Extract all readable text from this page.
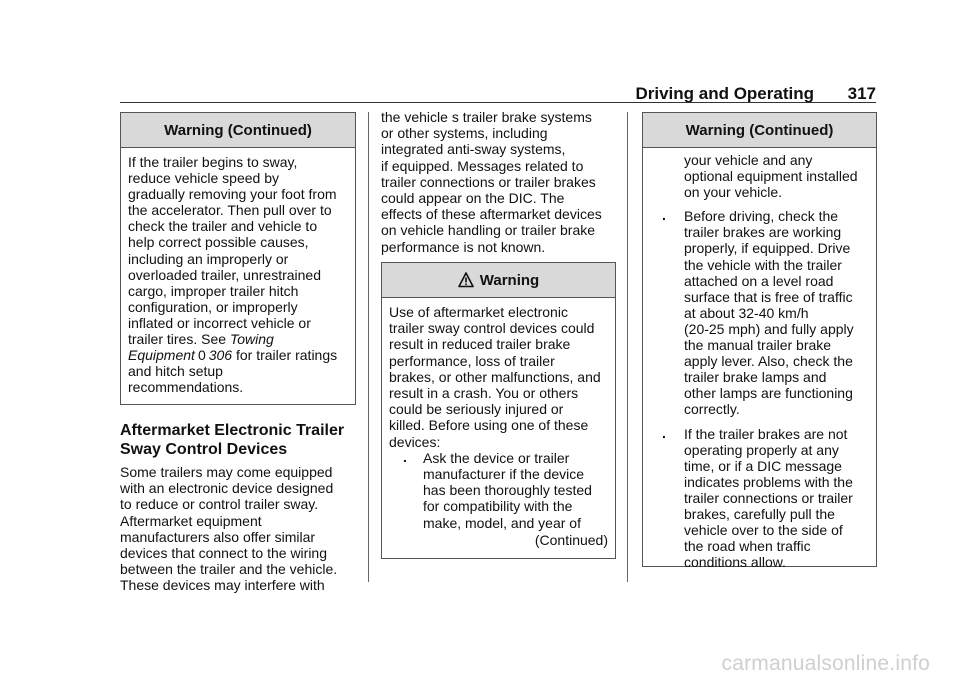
Driving and Operating	317
Warning (Continued)
If the trailer begins to sway,
reduce vehicle speed by
gradually removing your foot from
the accelerator. Then pull over to
check the trailer and vehicle to
help correct possible causes,
including an improperly or
overloaded trailer, unrestrained
cargo, improper trailer hitch
configuration, or improperly
inflated or incorrect vehicle or
trailer tires. See Towing
Equipment 0 306 for trailer ratings
and hitch setup
recommendations.
Aftermarket Electronic Trailer
Sway Control Devices
Some trailers may come equipped
with an electronic device designed
to reduce or control trailer sway.
Aftermarket equipment
manufacturers also offer similar
devices that connect to the wiring
between the trailer and the vehicle.
These devices may interfere with
the vehicle s trailer brake systems
or other systems, including
integrated anti-sway systems,
if equipped. Messages related to
trailer connections or trailer brakes
could appear on the DIC. The
effects of these aftermarket devices
on vehicle handling or trailer brake
performance is not known.
Warning
Use of aftermarket electronic
trailer sway control devices could
result in reduced trailer brake
performance, loss of trailer
brakes, or other malfunctions, and
result in a crash. You or others
could be seriously injured or
killed. Before using one of these
devices:
. Ask the device or trailer
manufacturer if the device
has been thoroughly tested
for compatibility with the
make, model, and year of
(Continued)
Warning (Continued)
your vehicle and any
optional equipment installed
on your vehicle.
. Before driving, check the
trailer brakes are working
properly, if equipped. Drive
the vehicle with the trailer
attached on a level road
surface that is free of traffic
at about 32-40 km/h
(20-25 mph) and fully apply
the manual trailer brake
apply lever. Also, check the
trailer brake lamps and
other lamps are functioning
correctly.
. If the trailer brakes are not
operating properly at any
time, or if a DIC message
indicates problems with the
trailer connections or trailer
brakes, carefully pull the
vehicle over to the side of
the road when traffic
conditions allow.
carmanualsonline.info
